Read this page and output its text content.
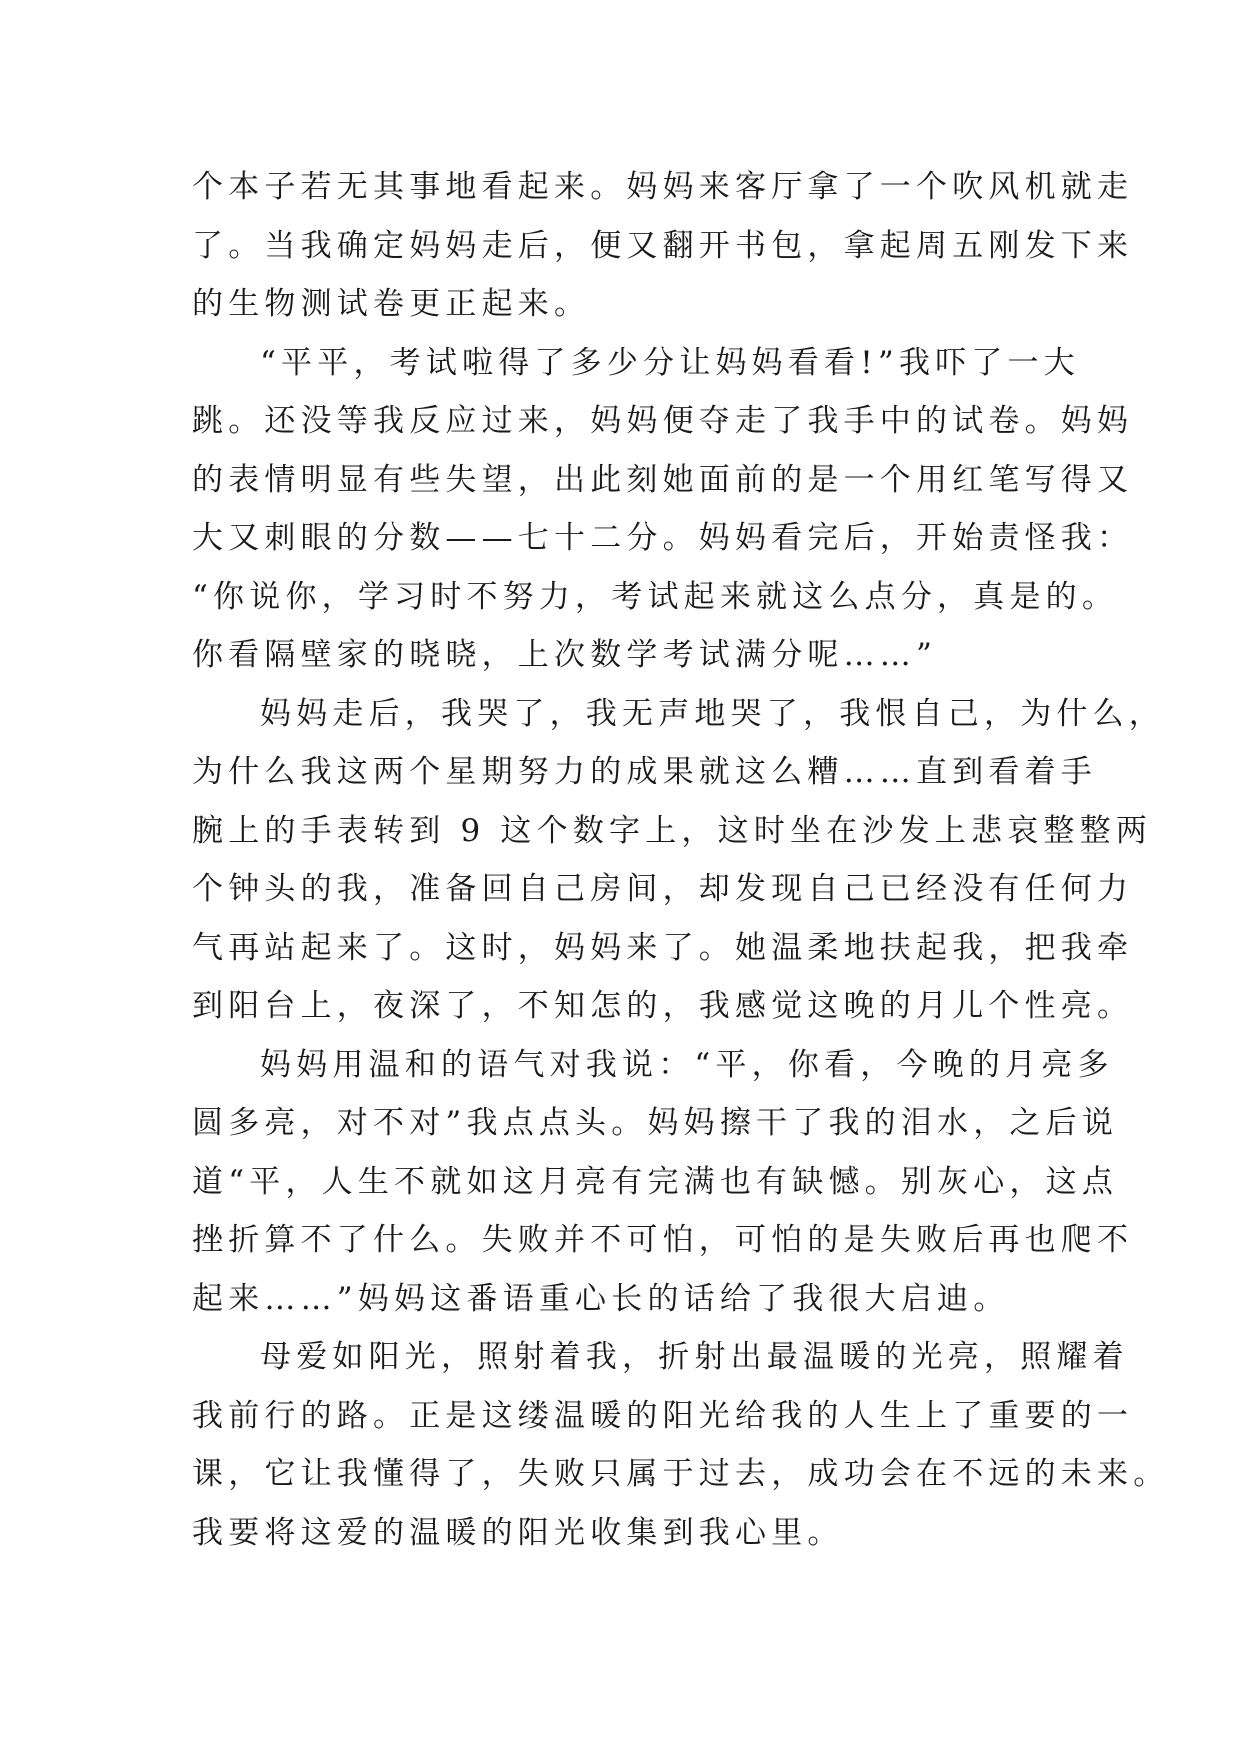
个本子若无其事地看起来。妈妈来客厅拿了一个吹风机就走
了。当我确定妈妈走后，便又翻开书包，拿起周五刚发下来
的生物测试卷更正起来。
“平平，考试啦得了多少分让妈妈看看!”我吓了一大
跳。还没等我反应过来，妈妈便夺走了我手中的试卷。妈妈
的表情明显有些失望，出此刻她面前的是一个用红笔写得又
大又刺眼的分数——七十二分。妈妈看完后，开始责怪我：
“你说你，学习时不努力，考试起来就这么点分，真是的。
你看隔壁家的晓晓，上次数学考试满分呢……”
妈妈走后，我哭了，我无声地哭了，我恨自己，为什么，
为什么我这两个星期努力的成果就这么糟……直到看着手
腕上的手表转到 9 这个数字上，这时坐在沙发上悲哀整整两
个钟头的我，准备回自己房间，却发现自己已经没有任何力
气再站起来了。这时，妈妈来了。她温柔地扶起我，把我牵
到阳台上，夜深了，不知怎的，我感觉这晚的月儿个性亮。
妈妈用温和的语气对我说：“平，你看，今晚的月亮多
圆多亮，对不对”我点点头。妈妈擦干了我的泪水，之后说
道“平，人生不就如这月亮有完满也有缺憾。别灰心，这点
挫折算不了什么。失败并不可怕，可怕的是失败后再也爬不
起来……”妈妈这番语重心长的话给了我很大启迪。
母爱如阳光，照射着我，折射出最温暖的光亮，照耀着
我前行的路。正是这缕温暖的阳光给我的人生上了重要的一
课，它让我懂得了，失败只属于过去，成功会在不远的未来。
我要将这爱的温暖的阳光收集到我心里。
